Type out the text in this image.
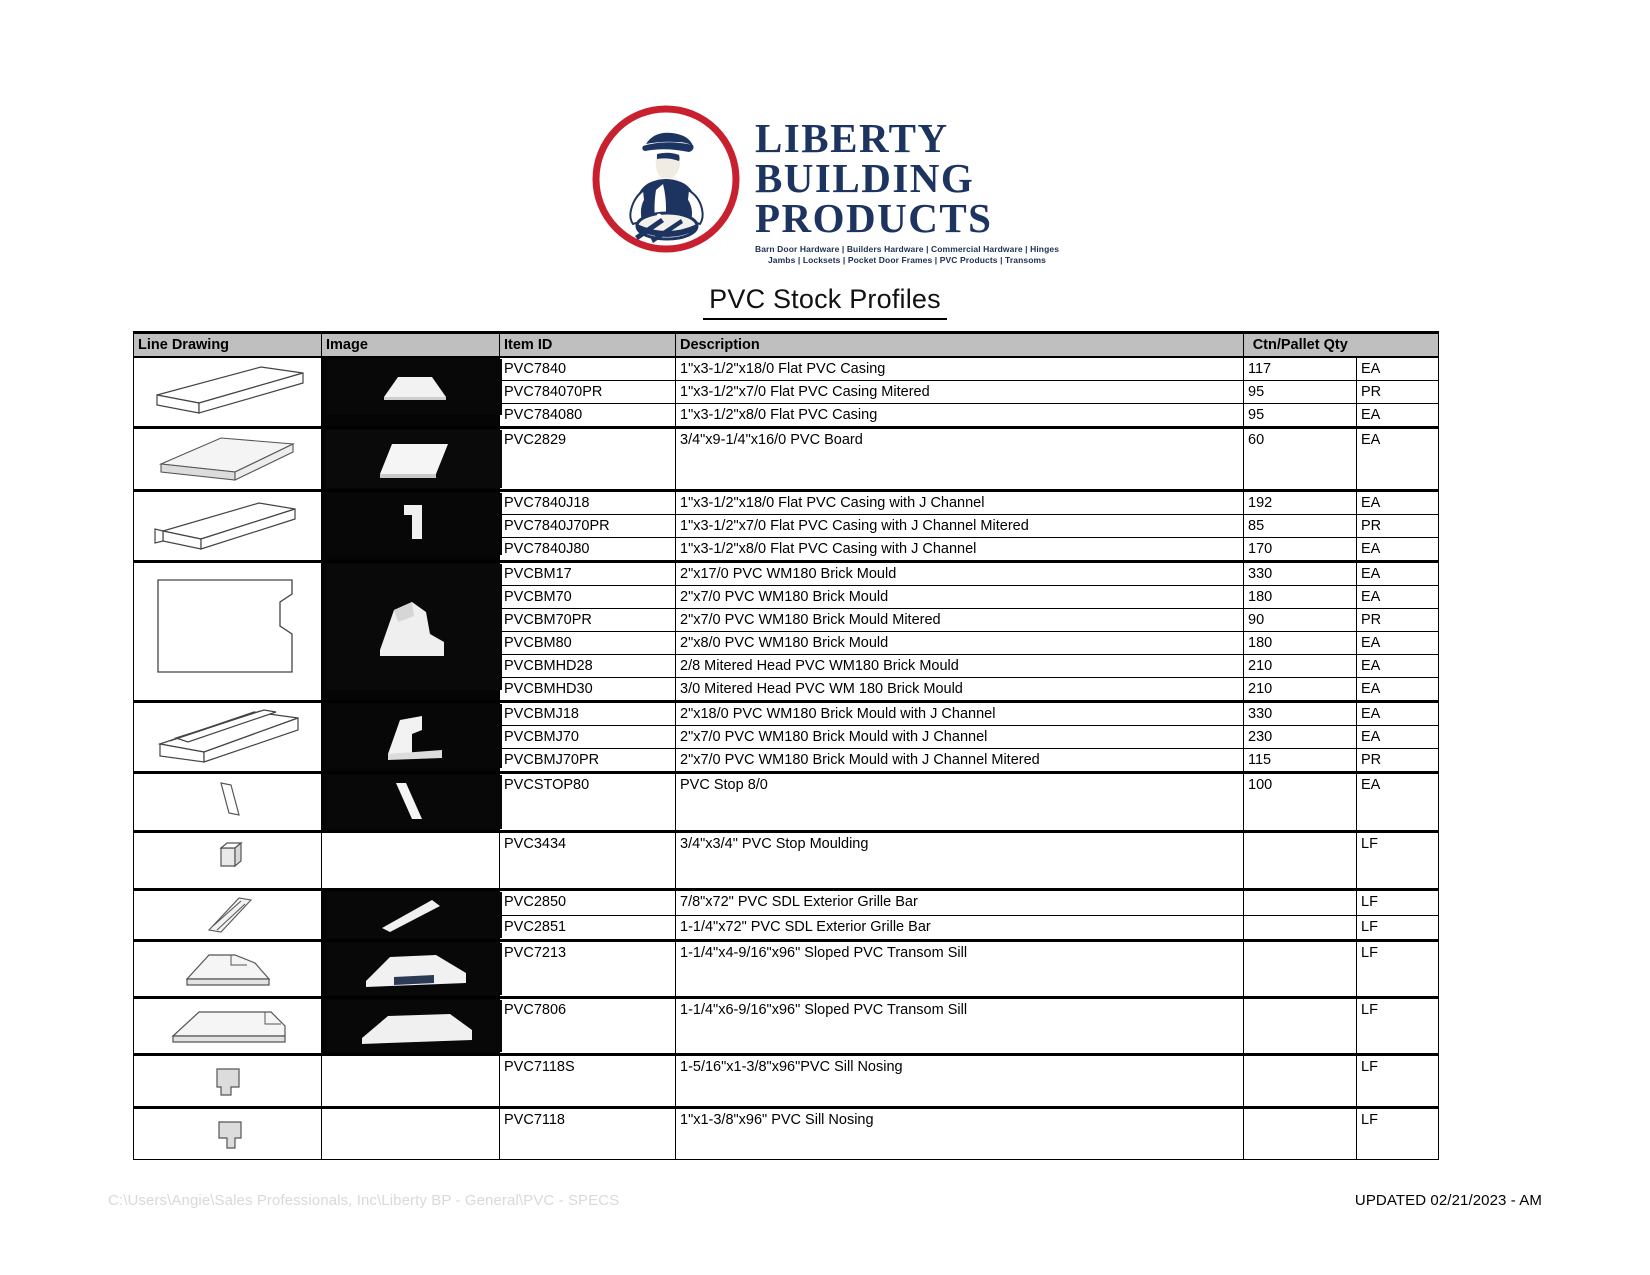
LIBERTY
BUILDING
PRODUCTS
Barn Door Hardware | Builders Hardware | Commercial Hardware | Hinges
Jambs | Locksets | Pocket Door Frames | PVC Products | Transoms
PVC Stock Profiles
Line Drawing	Image	Item ID	Description	Ctn/Pallet Qty	

	PVC7840	1"x3-1/2"x18/0 Flat PVC Casing	117	EA
		PVC784070PR	1"x3-1/2"x7/0 Flat PVC Casing Mitered	95	PR
		PVC784080	1"x3-1/2"x8/0 Flat PVC Casing	95	EA

	PVC2829	3/4"x9-1/4"x16/0 PVC Board	60	EA

	PVC7840J18	1"x3-1/2"x18/0 Flat PVC Casing with J Channel	192	EA
		PVC7840J70PR	1"x3-1/2"x7/0 Flat PVC Casing with J Channel Mitered	85	PR
		PVC7840J80	1"x3-1/2"x8/0 Flat PVC Casing with J Channel	170	EA

	PVCBM17	2"x17/0 PVC WM180 Brick Mould	330	EA
		PVCBM70	2"x7/0 PVC WM180 Brick Mould	180	EA
		PVCBM70PR	2"x7/0 PVC WM180 Brick Mould Mitered	90	PR
		PVCBM80	2"x8/0 PVC WM180 Brick Mould	180	EA
		PVCBMHD28	2/8 Mitered Head PVC WM180 Brick Mould	210	EA
		PVCBMHD30	3/0 Mitered Head PVC WM 180 Brick Mould	210	EA

	PVCBMJ18	2"x18/0 PVC WM180 Brick Mould with J Channel	330	EA
		PVCBMJ70	2"x7/0 PVC WM180 Brick Mould with J Channel	230	EA
		PVCBMJ70PR	2"x7/0 PVC WM180 Brick Mould with J Channel Mitered	115	PR

	PVCSTOP80	PVC Stop 8/0	100	EA

		PVC3434	3/4"x3/4" PVC Stop Moulding		LF

	PVC2850	7/8"x72" PVC SDL Exterior Grille Bar		LF
		PVC2851	1-1/4"x72" PVC SDL Exterior Grille Bar		LF

	PVC7213	1-1/4"x4-9/16"x96" Sloped PVC Transom Sill		LF

	PVC7806	1-1/4"x6-9/16"x96" Sloped PVC Transom Sill		LF

		PVC7118S	1-5/16"x1-3/8"x96"PVC Sill Nosing		LF

		PVC7118	1"x1-3/8"x96" PVC Sill Nosing		LF
C:\Users\Angie\Sales Professionals, Inc\Liberty BP - General\PVC - SPECS	UPDATED 02/21/2023 - AM
